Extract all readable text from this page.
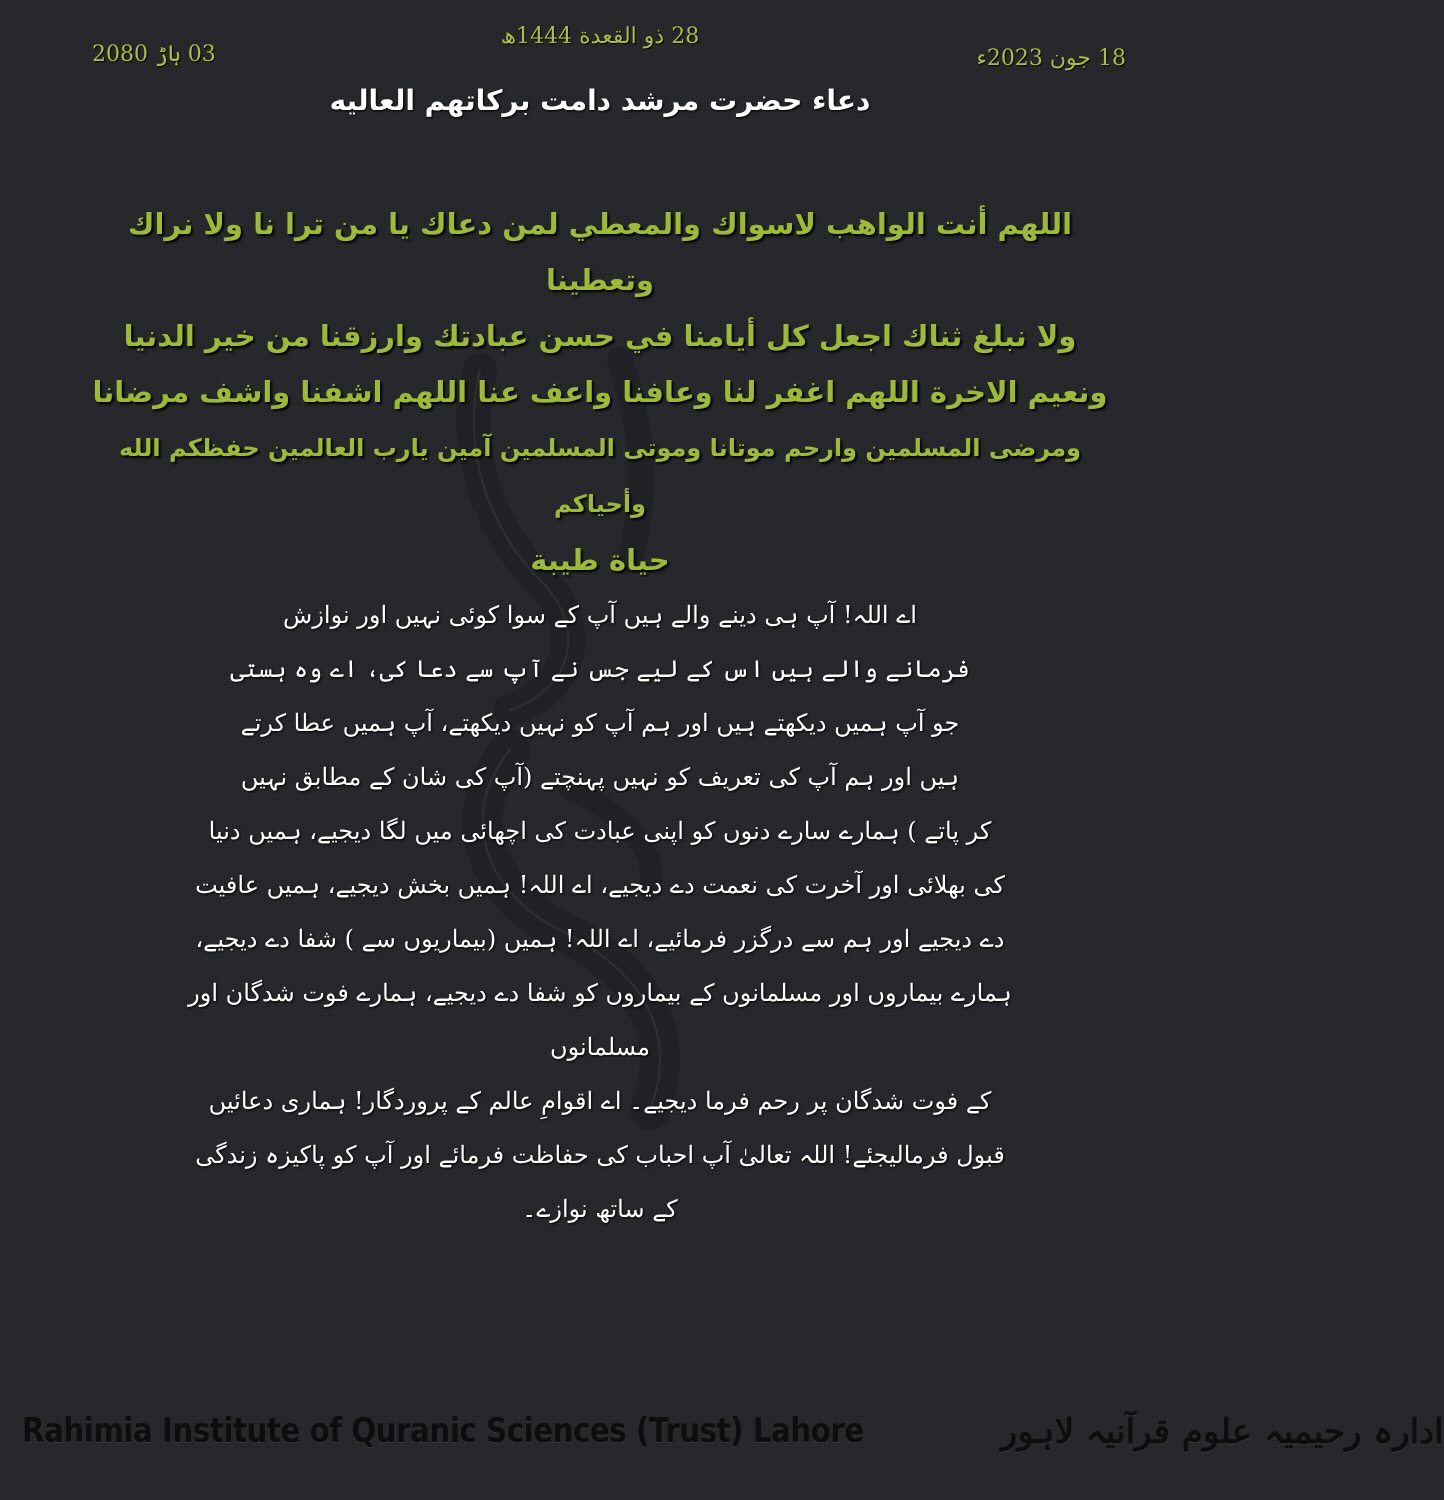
28 ذو القعدة 1444ھ
18 جون 2023ء
03 ہاڑ 2080
دعاء حضرت مرشد دامت برکاتهم العالیه
اللهم أنت الواهب لاسواك والمعطي لمن دعاك يا من ترا نا ولا نراك وتعطينا
ولا نبلغ ثناك اجعل كل أيامنا في حسن عبادتك وارزقنا من خير الدنيا
ونعيم الاخرة اللهم اغفر لنا وعافنا واعف عنا اللهم اشفنا واشف مرضانا
ومرضى المسلمين وارحم موتانا وموتى المسلمين آمين يارب العالمين حفظكم الله وأحياكم
حياة طيبة
اے اللہ! آپ ہی دینے والے ہیں آپ کے سوا کوئی نہیں اور نوازش
فرمانے والے ہیں اس کے لیے جس نے آپ سے دعا کی، اے وہ ہستی
جو آپ ہمیں دیکھتے ہیں اور ہم آپ کو نہیں دیکھتے، آپ ہمیں عطا کرتے
ہیں اور ہم آپ کی تعریف کو نہیں پہنچتے (آپ کی شان کے مطابق نہیں
کر پاتے ) ہمارے سارے دنوں کو اپنی عبادت کی اچھائی میں لگا دیجیے، ہمیں دنیا
کی بھلائی اور آخرت کی نعمت دے دیجیے، اے اللہ! ہمیں بخش دیجیے، ہمیں عافیت
دے دیجیے اور ہم سے درگزر فرمائیے، اے اللہ! ہمیں (بیماریوں سے ) شفا دے دیجیے،
ہمارے بیماروں اور مسلمانوں کے بیماروں کو شفا دے دیجیے، ہمارے فوت شدگان اور مسلمانوں
کے فوت شدگان پر رحم فرما دیجیے۔ اے اقوامِ عالم کے پروردگار! ہماری دعائیں
قبول فرمالیجئے! اللہ تعالیٰ آپ احباب کی حفاظت فرمائے اور آپ کو پاکیزہ زندگی
کے ساتھ نوازے۔
Rahimia Institute of Quranic Sciences (Trust) Lahore	ادارہ رحیمیہ علوم قرآنیہ لاہور
